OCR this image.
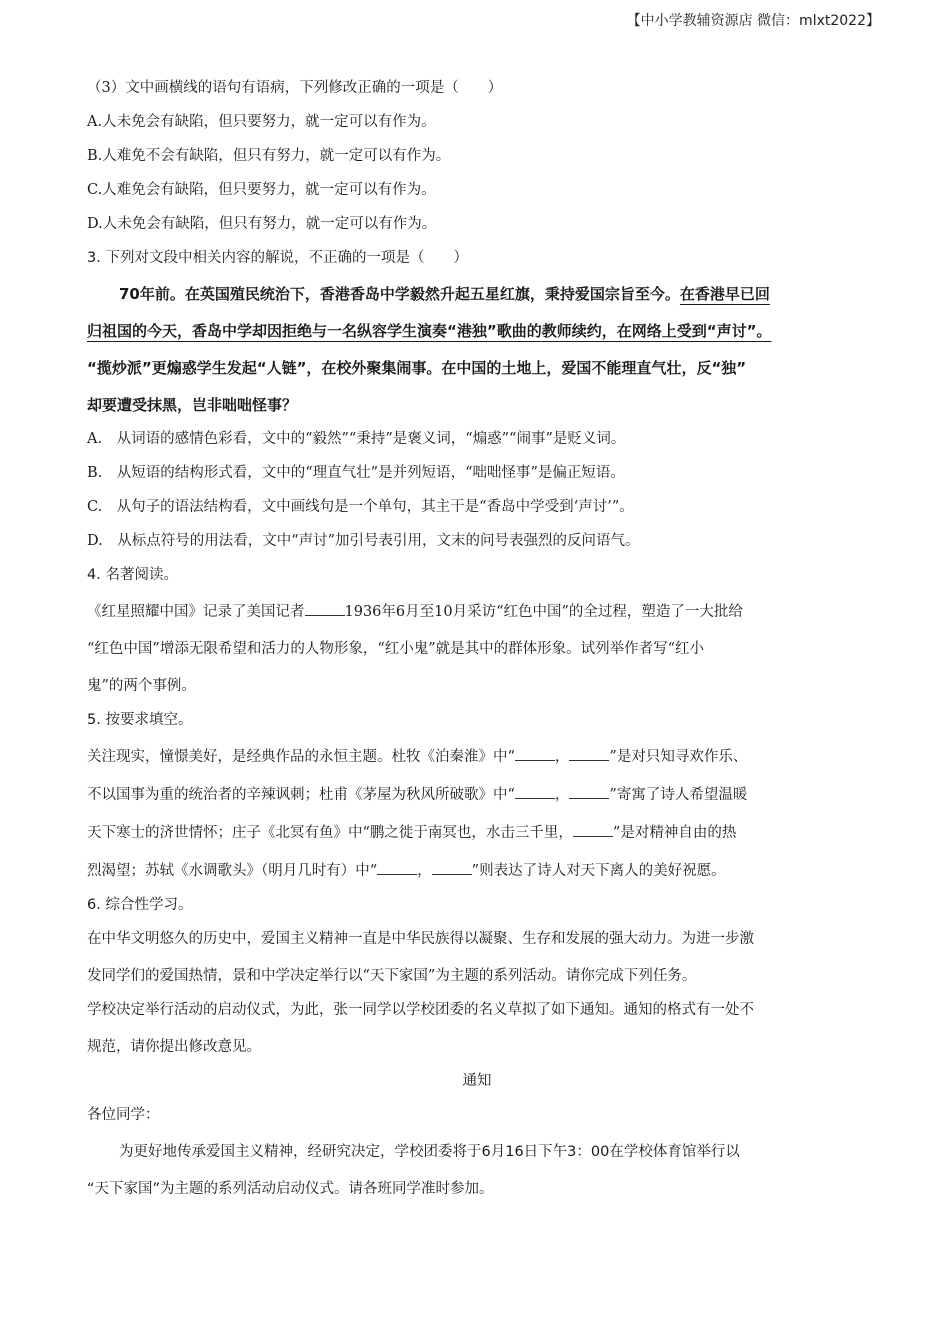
【中小学教辅资源店 微信：mlxt2022】
（3）文中画横线的语句有语病，下列修改正确的一项是（　　）
A.人未免会有缺陷，但只要努力，就一定可以有作为。
B.人难免不会有缺陷，但只有努力，就一定可以有作为。
C.人难免会有缺陷，但只要努力，就一定可以有作为。
D.人未免会有缺陷，但只有努力，就一定可以有作为。
3. 下列对文段中相关内容的解说，不正确的一项是（　　）
70年前。在英国殖民统治下，香港香岛中学毅然升起五星红旗，秉持爱国宗旨至今。在香港早已回
归祖国的今天，香岛中学却因拒绝与一名纵容学生演奏“港独”歌曲的教师续约，在网络上受到“声讨”。
“揽炒派”更煽惑学生发起“人链”，在校外聚集闹事。在中国的土地上，爱国不能理直气壮，反“独”
却要遭受抹黑，岂非咄咄怪事？
A.　从词语的感情色彩看，文中的“毅然”“秉持”是褒义词，“煽惑”“闹事”是贬义词。
B.　从短语的结构形式看，文中的“理直气壮”是并列短语，“咄咄怪事”是偏正短语。
C.　从句子的语法结构看，文中画线句是一个单句，其主干是“香岛中学受到‘声讨’”。
D.　从标点符号的用法看，文中“声讨”加引号表引用，文末的问号表强烈的反问语气。
4. 名著阅读。
《红星照耀中国》记录了美国记者	1936年6月至10月采访“红色中国”的全过程，塑造了一大批给
“红色中国”增添无限希望和活力的人物形象，“红小鬼”就是其中的群体形象。试列举作者写“红小
鬼”的两个事例。
5. 按要求填空。
关注现实，憧憬美好，是经典作品的永恒主题。杜牧《泊秦淮》中“	，	”是对只知寻欢作乐、
不以国事为重的统治者的辛辣讽刺；杜甫《茅屋为秋风所破歌》中“	，	”寄寓了诗人希望温暖
天下寒士的济世情怀；庄子《北冥有鱼》中“鹏之徙于南冥也，水击三千里，	”是对精神自由的热
烈渴望；苏轼《水调歌头》（明月几时有）中“	，	”则表达了诗人对天下离人的美好祝愿。
6. 综合性学习。
在中华文明悠久的历史中，爱国主义精神一直是中华民族得以凝聚、生存和发展的强大动力。为进一步激
发同学们的爱国热情，景和中学决定举行以“天下家国”为主题的系列活动。请你完成下列任务。
学校决定举行活动的启动仪式，为此，张一同学以学校团委的名义草拟了如下通知。通知的格式有一处不
规范，请你提出修改意见。
通知
各位同学：
为更好地传承爱国主义精神，经研究决定，学校团委将于6月16日下午3：00在学校体育馆举行以
“天下家国”为主题的系列活动启动仪式。请各班同学准时参加。
